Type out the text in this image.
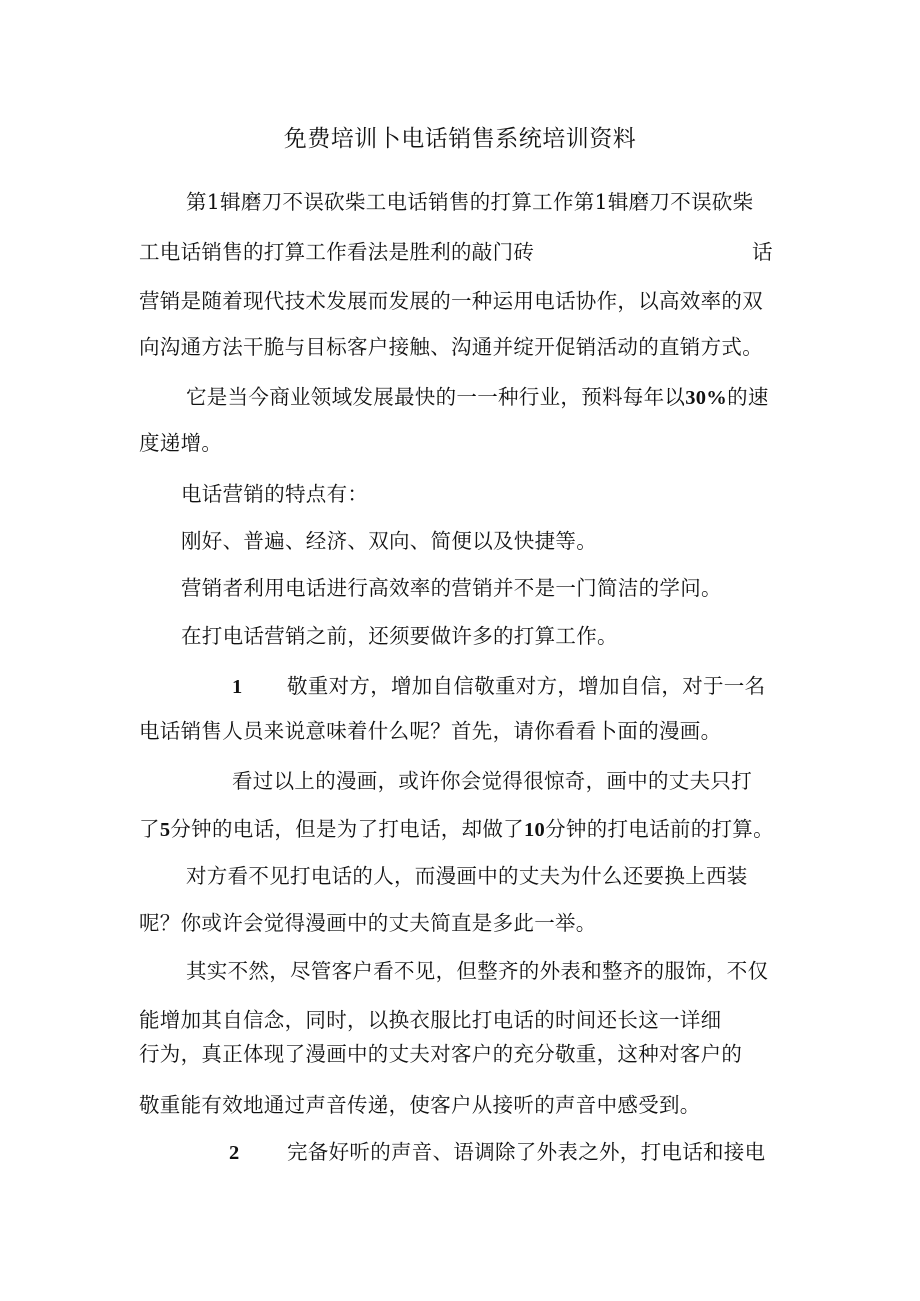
免费培训卜电话销售系统培训资料

第1辑磨刀不误砍柴工电话销售的打算工作第1辑磨刀不误砍柴

工电话销售的打算工作看法是胜利的敲门砖	话

营销是随着现代技术发展而发展的一种运用电话协作，以高效率的双

向沟通方法干脆与目标客户接触、沟通并绽开促销活动的直销方式。

它是当今商业领域发展最快的一一种行业，预料每年以30%的速

度递增。

电话营销的特点有：

刚好、普遍、经济、双向、简便以及快捷等。

营销者利用电话进行高效率的营销并不是一门简洁的学问。

在打电话营销之前，还须要做许多的打算工作。

1 敬重对方，增加自信敬重对方，增加自信，对于一名

电话销售人员来说意味着什么呢？首先，请你看看卜面的漫画。

看过以上的漫画，或许你会觉得很惊奇，画中的丈夫只打

了5分钟的电话，但是为了打电话，却做了10分钟的打电话前的打算。

对方看不见打电话的人，而漫画中的丈夫为什么还要换上西装

呢？你或许会觉得漫画中的丈夫简直是多此一举。

其实不然，尽管客户看不见，但整齐的外表和整齐的服饰，不仅

能增加其自信念，同时，以换衣服比打电话的时间还长这一详细

行为，真正体现了漫画中的丈夫对客户的充分敬重，这种对客户的

敬重能有效地通过声音传递，使客户从接听的声音中感受到。

2 完备好听的声音、语调除了外表之外，打电话和接电
